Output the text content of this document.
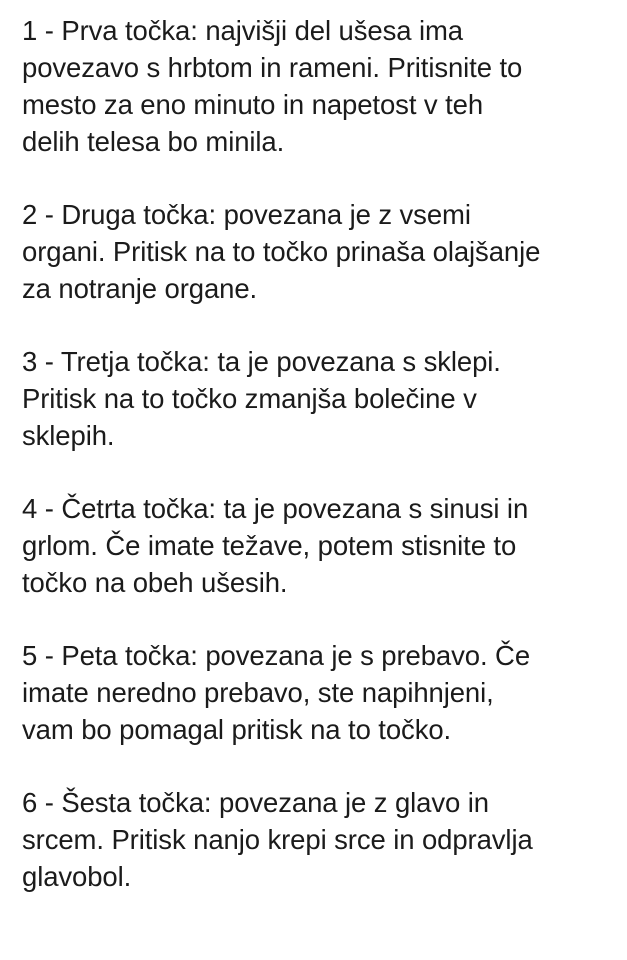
1 - Prva točka: najvišji del ušesa ima
povezavo s hrbtom in rameni. Pritisnite to
mesto za eno minuto in napetost v teh
delih telesa bo minila.

2 - Druga točka: povezana je z vsemi
organi. Pritisk na to točko prinaša olajšanje
za notranje organe.

3 - Tretja točka: ta je povezana s sklepi.
Pritisk na to točko zmanjša bolečine v
sklepih.

4 - Četrta točka: ta je povezana s sinusi in
grlom. Če imate težave, potem stisnite to
točko na obeh ušesih.

5 - Peta točka: povezana je s prebavo. Če
imate neredno prebavo, ste napihnjeni,
vam bo pomagal pritisk na to točko.

6 - Šesta točka: povezana je z glavo in
srcem. Pritisk nanjo krepi srce in odpravlja
glavobol.
